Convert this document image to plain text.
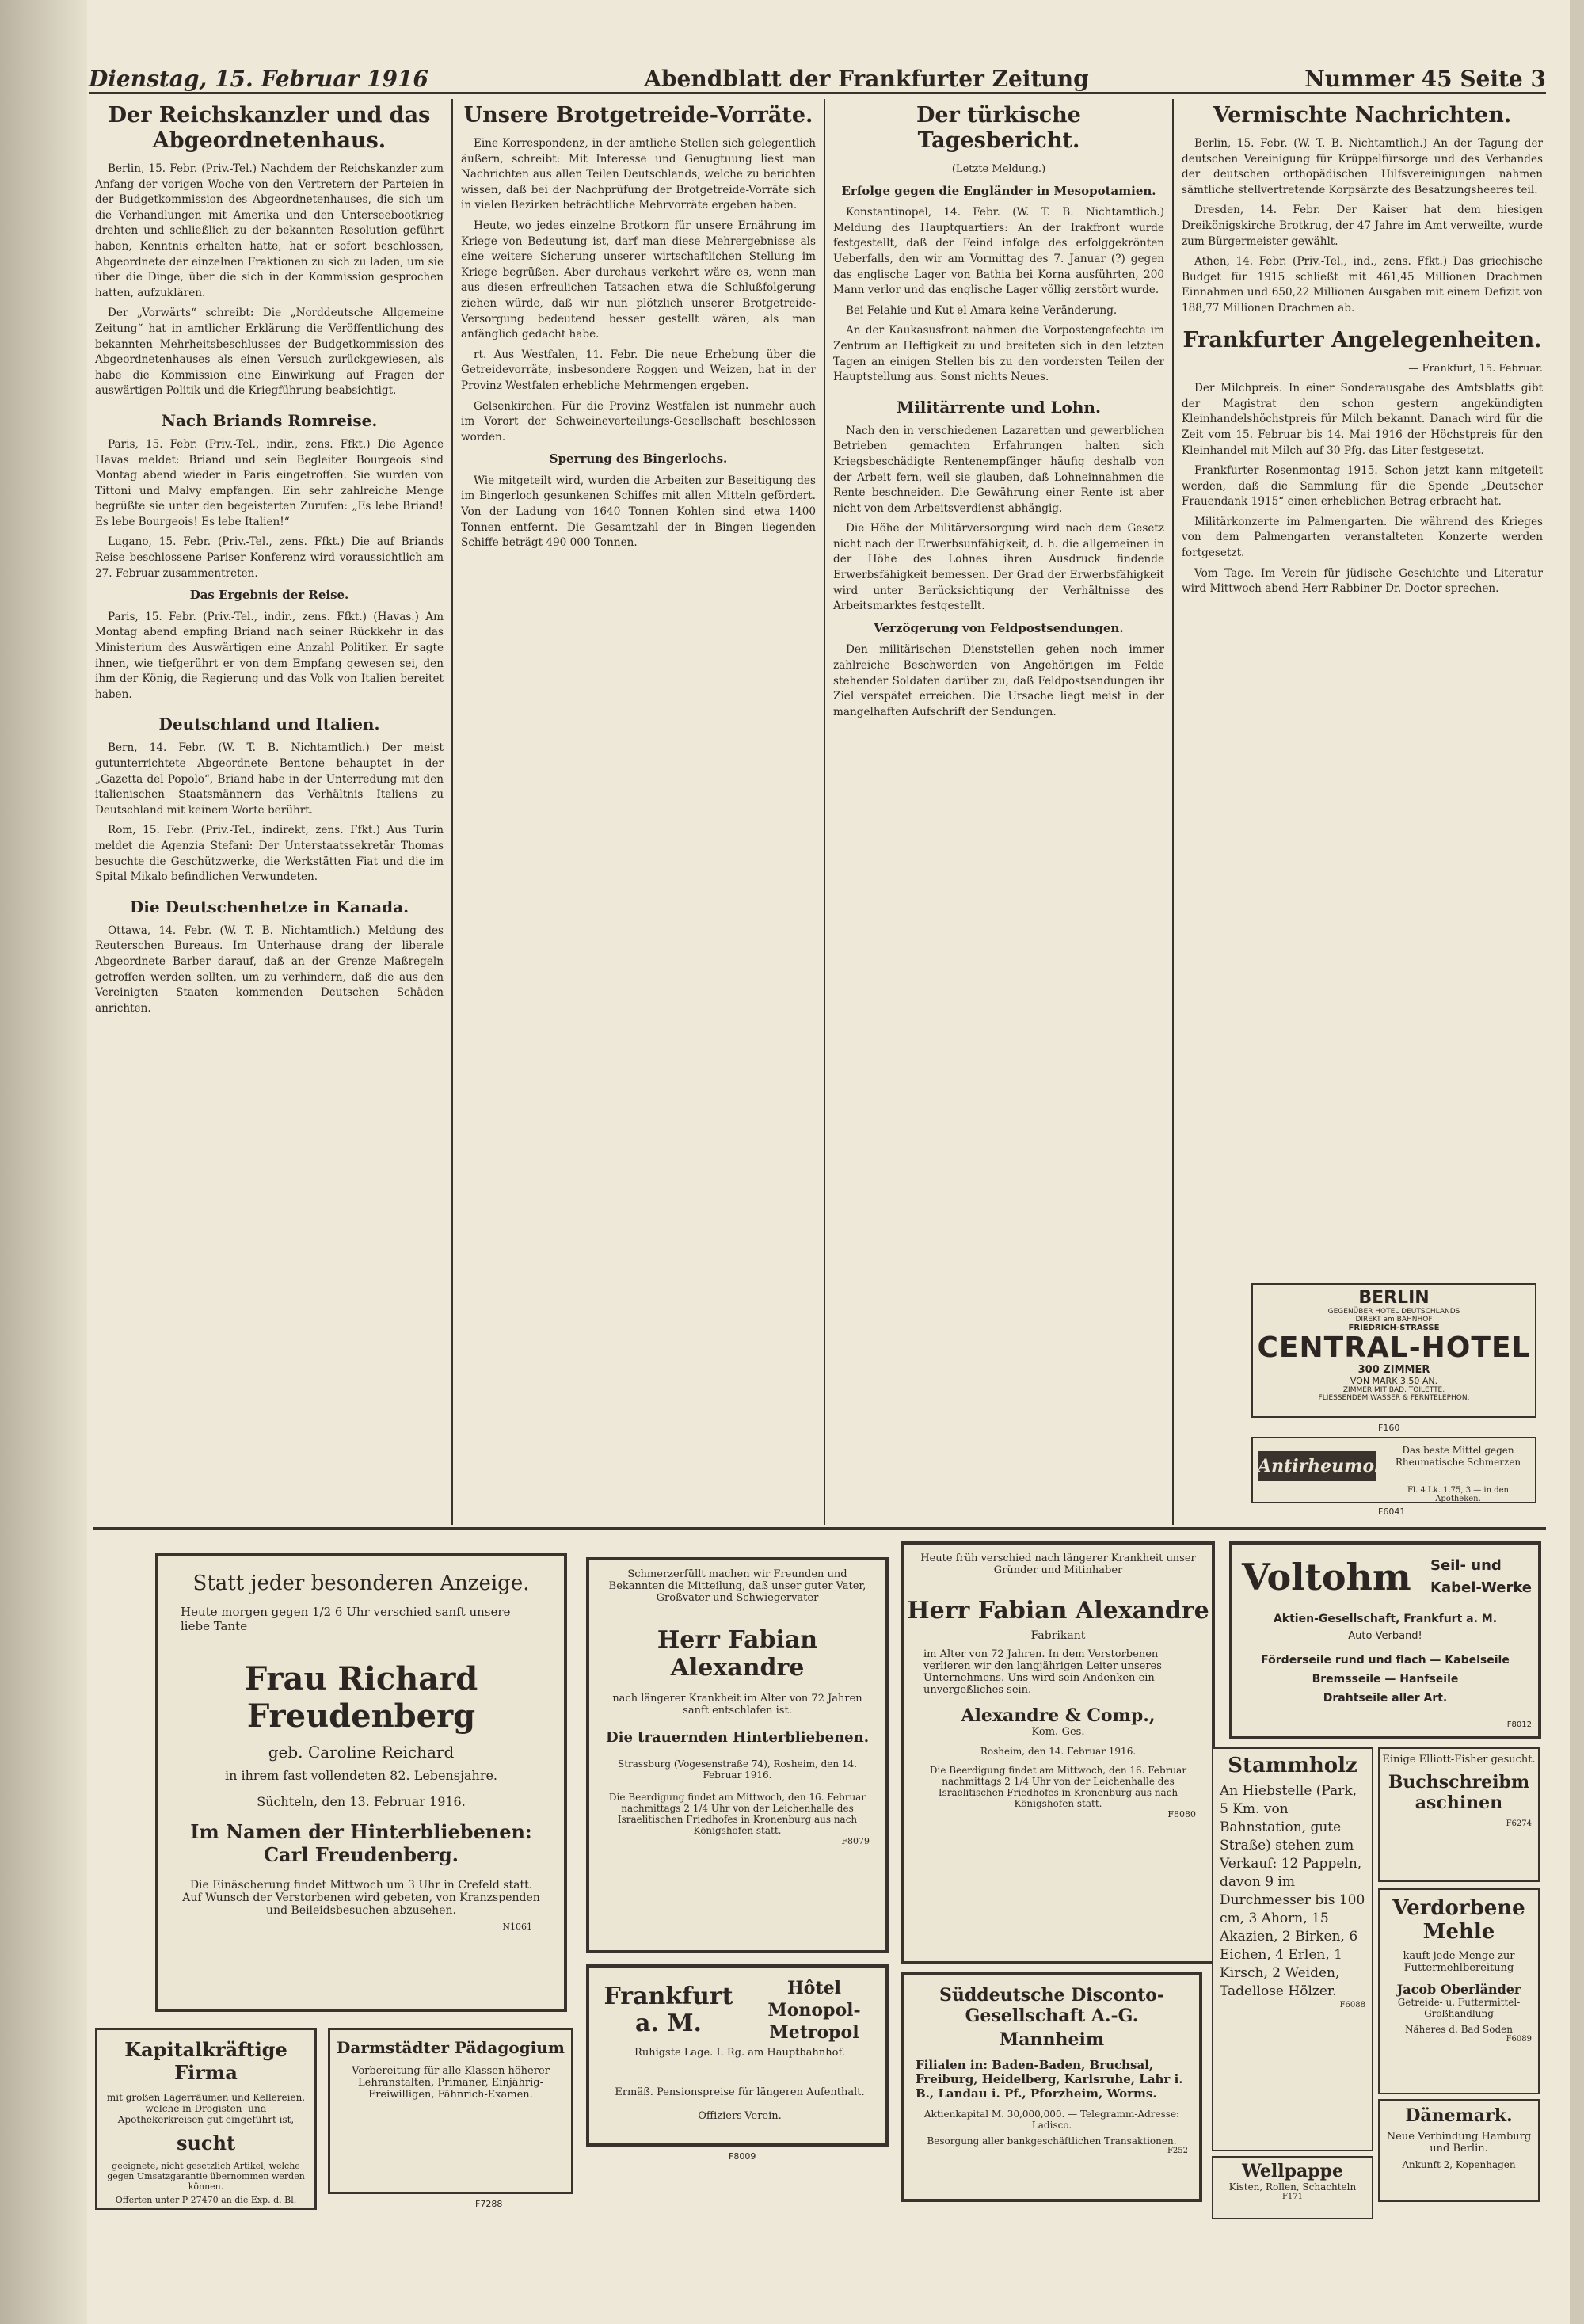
Dienstag, 15. Februar 1916	Abendblatt der Frankfurter Zeitung	Nummer 45 Seite 3
Der Reichskanzler und das Abgeordnetenhaus.

Berlin, 15. Febr. (Priv.-Tel.) Nachdem der Reichskanzler zum Anfang der vorigen Woche von den Vertretern der Parteien in der Budgetkommission des Abgeordnetenhauses, die sich um die Verhandlungen mit Amerika und den Unterseebootkrieg drehten und schließlich zu der bekannten Resolution geführt haben, Kenntnis erhalten hatte, hat er sofort beschlossen, Abgeordnete der einzelnen Fraktionen zu sich zu laden, um sie über die Dinge, über die sich in der Kommission gesprochen hatten, aufzuklären.

Der „Vorwärts“ schreibt: Die „Norddeutsche Allgemeine Zeitung“ hat in amtlicher Erklärung die Veröffentlichung des bekannten Mehrheitsbeschlusses der Budgetkommission des Abgeordnetenhauses als einen Versuch zurückgewiesen, als habe die Kommission eine Einwirkung auf Fragen der auswärtigen Politik und die Kriegführung beabsichtigt.

Nach Briands Romreise.

Paris, 15. Febr. (Priv.-Tel., indir., zens. Ffkt.) Die Agence Havas meldet: Briand und sein Begleiter Bourgeois sind Montag abend wieder in Paris eingetroffen. Sie wurden von Tittoni und Malvy empfangen. Ein sehr zahlreiche Menge begrüßte sie unter den begeisterten Zurufen: „Es lebe Briand! Es lebe Bourgeois! Es lebe Italien!“

Lugano, 15. Febr. (Priv.-Tel., zens. Ffkt.) Die auf Briands Reise beschlossene Pariser Konferenz wird voraussichtlich am 27. Februar zusammentreten.

Das Ergebnis der Reise.

Paris, 15. Febr. (Priv.-Tel., indir., zens. Ffkt.) (Havas.) Am Montag abend empfing Briand nach seiner Rückkehr in das Ministerium des Auswärtigen eine Anzahl Politiker. Er sagte ihnen, wie tiefgerührt er von dem Empfang gewesen sei, den ihm der König, die Regierung und das Volk von Italien bereitet haben.

Deutschland und Italien.

Bern, 14. Febr. (W. T. B. Nichtamtlich.) Der meist gutunterrichtete Abgeordnete Bentone behauptet in der „Gazetta del Popolo“, Briand habe in der Unterredung mit den italienischen Staatsmännern das Verhältnis Italiens zu Deutschland mit keinem Worte berührt.

Rom, 15. Febr. (Priv.-Tel., indirekt, zens. Ffkt.) Aus Turin meldet die Agenzia Stefani: Der Unterstaatssekretär Thomas besuchte die Geschützwerke, die Werkstätten Fiat und die im Spital Mikalo befindlichen Verwundeten.

Die Deutschenhetze in Kanada.

Ottawa, 14. Febr. (W. T. B. Nichtamtlich.) Meldung des Reuterschen Bureaus. Im Unterhause drang der liberale Abgeordnete Barber darauf, daß an der Grenze Maßregeln getroffen werden sollten, um zu verhindern, daß die aus den Vereinigten Staaten kommenden Deutschen Schäden anrichten.

Unsere Brotgetreide-Vorräte.

Eine Korrespondenz, in der amtliche Stellen sich gelegentlich äußern, schreibt: Mit Interesse und Genugtuung liest man Nachrichten aus allen Teilen Deutschlands, welche zu berichten wissen, daß bei der Nachprüfung der Brotgetreide-Vorräte sich in vielen Bezirken beträchtliche Mehrvorräte ergeben haben.

Heute, wo jedes einzelne Brotkorn für unsere Ernährung im Kriege von Bedeutung ist, darf man diese Mehrergebnisse als eine weitere Sicherung unserer wirtschaftlichen Stellung im Kriege begrüßen. Aber durchaus verkehrt wäre es, wenn man aus diesen erfreulichen Tatsachen etwa die Schlußfolgerung ziehen würde, daß wir nun plötzlich unserer Brotgetreide-Versorgung bedeutend besser gestellt wären, als man anfänglich gedacht habe.

rt. Aus Westfalen, 11. Febr. Die neue Erhebung über die Getreidevorräte, insbesondere Roggen und Weizen, hat in der Provinz Westfalen erhebliche Mehrmengen ergeben.

Gelsenkirchen. Für die Provinz Westfalen ist nunmehr auch im Vorort der Schweineverteilungs-Gesellschaft beschlossen worden.

Sperrung des Bingerlochs.

Wie mitgeteilt wird, wurden die Arbeiten zur Beseitigung des im Bingerloch gesunkenen Schiffes mit allen Mitteln gefördert. Von der Ladung von 1640 Tonnen Kohlen sind etwa 1400 Tonnen entfernt. Die Gesamtzahl der in Bingen liegenden Schiffe beträgt 490 000 Tonnen.

Der türkische Tagesbericht.
(Letzte Meldung.)
Erfolge gegen die Engländer in Mesopotamien.

Konstantinopel, 14. Febr. (W. T. B. Nichtamtlich.) Meldung des Hauptquartiers: An der Irakfront wurde festgestellt, daß der Feind infolge des erfolggekrönten Ueberfalls, den wir am Vormittag des 7. Januar (?) gegen das englische Lager von Bathia bei Korna ausführten, 200 Mann verlor und das englische Lager völlig zerstört wurde.

Bei Felahie und Kut el Amara keine Veränderung.

An der Kaukasusfront nahmen die Vorpostengefechte im Zentrum an Heftigkeit zu und breiteten sich in den letzten Tagen an einigen Stellen bis zu den vordersten Teilen der Hauptstellung aus. Sonst nichts Neues.

Militärrente und Lohn.

Nach den in verschiedenen Lazaretten und gewerblichen Betrieben gemachten Erfahrungen halten sich Kriegsbeschädigte Rentenempfänger häufig deshalb von der Arbeit fern, weil sie glauben, daß Lohneinnahmen die Rente beschneiden. Die Gewährung einer Rente ist aber nicht von dem Arbeitsverdienst abhängig.

Die Höhe der Militärversorgung wird nach dem Gesetz nicht nach der Erwerbsunfähigkeit, d. h. die allgemeinen in der Höhe des Lohnes ihren Ausdruck findende Erwerbsfähigkeit bemessen. Der Grad der Erwerbsfähigkeit wird unter Berücksichtigung der Verhältnisse des Arbeitsmarktes festgestellt.

Verzögerung von Feldpostsendungen.

Den militärischen Dienststellen gehen noch immer zahlreiche Beschwerden von Angehörigen im Felde stehender Soldaten darüber zu, daß Feldpostsendungen ihr Ziel verspätet erreichen. Die Ursache liegt meist in der mangelhaften Aufschrift der Sendungen.

Vermischte Nachrichten.

Berlin, 15. Febr. (W. T. B. Nichtamtlich.) An der Tagung der deutschen Vereinigung für Krüppelfürsorge und des Verbandes der deutschen orthopädischen Hilfsvereinigungen nahmen sämtliche stellvertretende Korpsärzte des Besatzungsheeres teil.

Dresden, 14. Febr. Der Kaiser hat dem hiesigen Dreikönigskirche Brotkrug, der 47 Jahre im Amt verweilte, wurde zum Bürgermeister gewählt.

Athen, 14. Febr. (Priv.-Tel., ind., zens. Ffkt.) Das griechische Budget für 1915 schließt mit 461,45 Millionen Drachmen Einnahmen und 650,22 Millionen Ausgaben mit einem Defizit von 188,77 Millionen Drachmen ab.

Frankfurter Angelegenheiten.
— Frankfurt, 15. Februar.

Der Milchpreis. In einer Sonderausgabe des Amtsblatts gibt der Magistrat den schon gestern angekündigten Kleinhandelshöchstpreis für Milch bekannt. Danach wird für die Zeit vom 15. Februar bis 14. Mai 1916 der Höchstpreis für den Kleinhandel mit Milch auf 30 Pfg. das Liter festgesetzt.

Frankfurter Rosenmontag 1915. Schon jetzt kann mitgeteilt werden, daß die Sammlung für die Spende „Deutscher Frauendank 1915“ einen erheblichen Betrag erbracht hat.

Militärkonzerte im Palmengarten. Die während des Krieges von dem Palmengarten veranstalteten Konzerte werden fortgesetzt.

Vom Tage. Im Verein für jüdische Geschichte und Literatur wird Mittwoch abend Herr Rabbiner Dr. Doctor sprechen.

BERLIN
GEGENÜBER HOTEL DEUTSCHLANDS
DIREKT am BAHNHOF
FRIEDRICH-STRASSE
CENTRAL-HOTEL
300 ZIMMER
VON MARK 3.50 AN.
ZIMMER MIT BAD, TOILETTE,
FLIESSENDEM WASSER & FERNTELEPHON.
F160
Antirheumol
Das beste Mittel gegen Rheumatische Schmerzen
Fl. 4 Lk. 1.75, 3.— in den Apotheken.
F6041
Statt jeder besonderen Anzeige.
Heute morgen gegen 1/2 6 Uhr verschied sanft unsere liebe Tante
Frau Richard Freudenberg
geb. Caroline Reichard
in ihrem fast vollendeten 82. Lebensjahre.
Süchteln, den 13. Februar 1916.
Im Namen der Hinterbliebenen:
Carl Freudenberg.
Die Einäscherung findet Mittwoch um 3 Uhr in Crefeld statt. Auf Wunsch der Verstorbenen wird gebeten, von Kranzspenden und Beileidsbesuchen abzusehen.
N1061
Schmerzerfüllt machen wir Freunden und Bekannten die Mitteilung, daß unser guter Vater, Großvater und Schwiegervater
Herr Fabian Alexandre
nach längerer Krankheit im Alter von 72 Jahren sanft entschlafen ist.
Die trauernden Hinterbliebenen.
Strassburg (Vogesenstraße 74), Rosheim, den 14. Februar 1916.
Die Beerdigung findet am Mittwoch, den 16. Februar nachmittags 2 1/4 Uhr von der Leichenhalle des Israelitischen Friedhofes in Kronenburg aus nach Königshofen statt.
F8079
Heute früh verschied nach längerer Krankheit unser Gründer und Mitinhaber
Herr Fabian Alexandre
Fabrikant
im Alter von 72 Jahren. In dem Verstorbenen verlieren wir den langjährigen Leiter unseres Unternehmens. Uns wird sein Andenken ein unvergeßliches sein.
Alexandre & Comp.,
Kom.-Ges.
Rosheim, den 14. Februar 1916.
Die Beerdigung findet am Mittwoch, den 16. Februar nachmittags 2 1/4 Uhr von der Leichenhalle des Israelitischen Friedhofes in Kronenburg aus nach Königshofen statt.
F8080
Voltohm Seil- und
Kabel-Werke
Aktien-Gesellschaft, Frankfurt a. M.
Auto-Verband!
Förderseile rund und flach — Kabelseile
Bremsseile — Hanfseile
Drahtseile aller Art.
F8012
Stammholz
An Hiebstelle (Park, 5 Km. von Bahnstation, gute Straße) stehen zum Verkauf: 12 Pappeln, davon 9 im Durchmesser bis 100 cm, 3 Ahorn, 15 Akazien, 2 Birken, 6 Eichen, 4 Erlen, 1 Kirsch, 2 Weiden, Tadellose Hölzer.
F6088
Einige Elliott-Fisher gesucht.
Buchschreibmaschinen
F6274
Verdorbene Mehle
kauft jede Menge zur Futtermehlbereitung
Jacob Oberländer
Getreide- u. Futtermittel-Großhandlung
Näheres d. Bad Soden
F6089
Dänemark.
Neue Verbindung Hamburg und Berlin.
Ankunft 2, Kopenhagen
Wellpappe
Kisten, Rollen, Schachteln
F171
Frankfurt a. M.
Hôtel Monopol-Metropol
Ruhigste Lage. I. Rg. am Hauptbahnhof.
Ermäß. Pensionspreise für längeren Aufenthalt.
Offiziers-Verein.
F8009
Süddeutsche Disconto-Gesellschaft A.-G.
Mannheim
Filialen in: Baden-Baden, Bruchsal, Freiburg, Heidelberg, Karlsruhe, Lahr i. B., Landau i. Pf., Pforzheim, Worms.
Aktienkapital M. 30,000,000. — Telegramm-Adresse: Ladisco.
Besorgung aller bankgeschäftlichen Transaktionen.
F252
Kapitalkräftige Firma
mit großen Lagerräumen und Kellereien, welche in Drogisten- und Apothekerkreisen gut eingeführt ist,
sucht
geeignete, nicht gesetzlich Artikel, welche gegen Umsatzgarantie übernommen werden können.
Offerten unter P 27470 an die Exp. d. Bl.
Darmstädter Pädagogium
Vorbereitung für alle Klassen höherer Lehranstalten, Primaner, Einjährig-Freiwilligen, Fähnrich-Examen.
F7288
